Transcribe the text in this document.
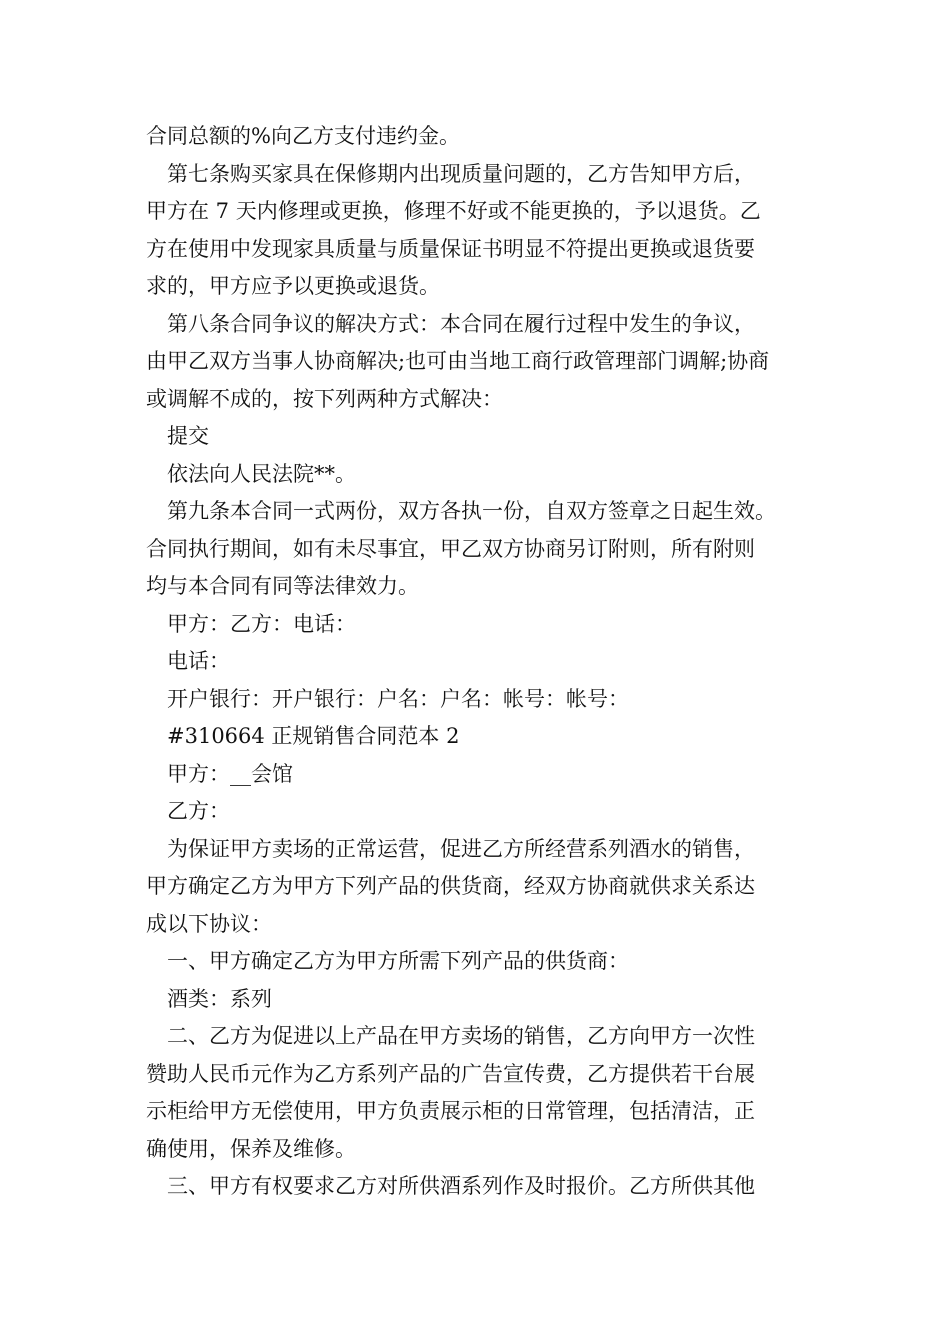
合同总额的%向乙方支付违约金。
第七条购买家具在保修期内出现质量问题的，乙方告知甲方后，
甲方在 7 天内修理或更换，修理不好或不能更换的，予以退货。乙
方在使用中发现家具质量与质量保证书明显不符提出更换或退货要
求的，甲方应予以更换或退货。
第八条合同争议的解决方式：本合同在履行过程中发生的争议，
由甲乙双方当事人协商解决;也可由当地工商行政管理部门调解;协商
或调解不成的，按下列两种方式解决：
提交
依法向人民法院**。
第九条本合同一式两份，双方各执一份，自双方签章之日起生效。
合同执行期间，如有未尽事宜，甲乙双方协商另订附则，所有附则
均与本合同有同等法律效力。
甲方：乙方：电话：
电话：
开户银行：开户银行：户名：户名：帐号：帐号：
#310664 正规销售合同范本 2
甲方：__会馆
乙方：
为保证甲方卖场的正常运营，促进乙方所经营系列酒水的销售，
甲方确定乙方为甲方下列产品的供货商，经双方协商就供求关系达
成以下协议：
一、甲方确定乙方为甲方所需下列产品的供货商：
酒类：系列
二、乙方为促进以上产品在甲方卖场的销售，乙方向甲方一次性
赞助人民币元作为乙方系列产品的广告宣传费，乙方提供若干台展
示柜给甲方无偿使用，甲方负责展示柜的日常管理，包括清洁，正
确使用，保养及维修。
三、甲方有权要求乙方对所供酒系列作及时报价。乙方所供其他
